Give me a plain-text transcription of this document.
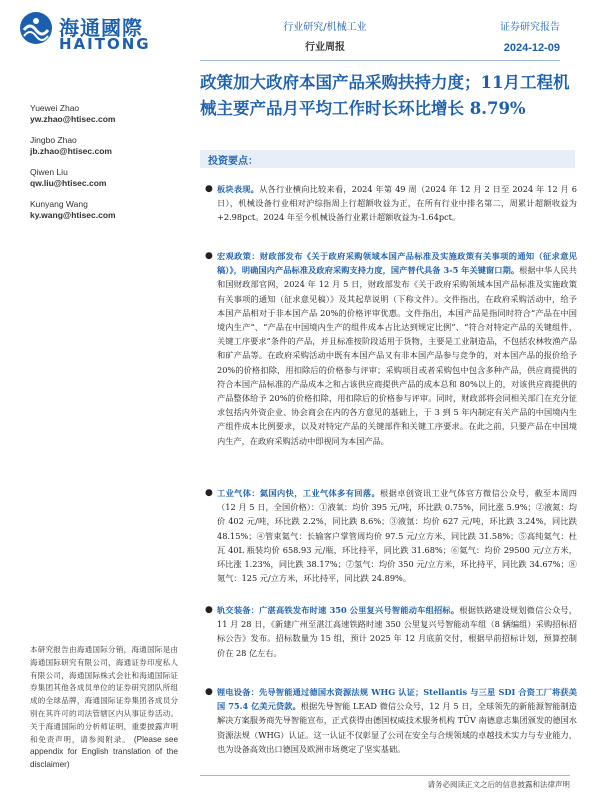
海通國際
HAITONG
行业研究/机械工业
行业周报
证券研究报告
2024-12-09
政策加大政府本国产品采购扶持力度；11月工程机械主要产品月平均工作时长环比增长 8.79%
Yuewei Zhao
yw.zhao@htisec.com
Jingbo Zhao
jb.zhao@htisec.com
Qiwen Liu
qw.liu@htisec.com
Kunyang Wang
ky.wang@htisec.com
投资要点：
● 板块表现。从各行业横向比较来看，2024 年第 49 周（2024 年 12 月 2 日至 2024 年 12 月 6 日），机械设备行业相对沪综指周上行超额收益为正，在所有行业中排名第二，周累计超额收益为+2.98pct。2024 年至今机械设备行业累计超额收益为-1.64pct。
● 宏观政策：财政部发布《关于政府采购领域本国产品标准及实施政策有关事项的通知（征求意见稿）》，明确国内产品标准及政府采购支持力度，国产替代具备 3-5 年关键窗口期。根据中华人民共和国财政部官网，2024 年 12 月 5 日，财政部发布《关于政府采购领域本国产品标准及实施政策有关事项的通知（征求意见稿）》及其起草说明（下称文件）。文件指出，在政府采购活动中，给予本国产品相对于非本国产品 20%的价格评审优惠。文件指出，本国产品是指同时符合“产品在中国境内生产”、“产品在中国境内生产的组件成本占比达到规定比例”、“符合对特定产品的关键组件、关键工序要求”条件的产品，并且标准按阶段适用于货物，主要是工业制造品，不包括农林牧渔产品和矿产品等。在政府采购活动中既有本国产品又有非本国产品参与竞争的，对本国产品的报价给予 20%的价格扣除，用扣除后的价格参与评审；采购项目或者采购包中包含多种产品，供应商提供的符合本国产品标准的产品成本之和占该供应商提供产品的成本总和 80%以上的，对该供应商提供的产品整体给予 20%的价格扣除，用扣除后的价格参与评审。同时，财政部将会同相关部门在充分征求包括内外资企业、协会商会在内的各方意见的基础上，于 3 到 5 年内制定有关产品的中国境内生产组件成本比例要求，以及对特定产品的关键部件和关键工序要求。在此之前，只要产品在中国境内生产，在政府采购活动中即视同为本国产品。
● 工业气体：氦国内快，工业气体多有回落。根据卓创资讯工业气体官方微信公众号，截至本周四（12 月 5 日，全国价格）：①液氧：均价 395 元/吨，环比跌 0.75%，同比涨 5.9%；②液氮：均价 402 元/吨，环比跌 2.2%，同比跌 8.6%；③液氩：均价 627 元/吨，环比跌 3.24%，同比跌 48.15%；④管束氦气：长输客户掌管周均价 97.5 元/立方米，同比跌 31.58%；⑤高纯氦气：杜瓦 40L 瓶装均价 658.93 元/瓶，环比持平，同比跌 31.68%；⑥氦气：均价 29500 元/立方米，环比涨 1.23%，同比跌 38.17%；⑦氢气：均价 350 元/立方米，环比持平，同比跌 34.67%；⑧氪气：125 元/立方米，环比持平，同比跌 24.89%。
● 轨交装备：广湛高铁发布时速 350 公里复兴号智能动车组招标。根据铁路建设规划微信公众号，11 月 28 日，《新建广州至湛江高速铁路时速 350 公里复兴号智能动车组（8 辆编组）采购招标招标公告》发布。招标数量为 15 组，预计 2025 年 12 月底前交付，根据早前招标计划，预算控制价在 28 亿左右。
● 锂电设备：先导智能通过德国水资源法规 WHG 认证；Stellantis 与三星 SDI 合资工厂将获美国 75.4 亿美元贷款。根据先导智能 LEAD 微信公众号，12 月 5 日，全球领先的新能源智能制造解决方案服务商先导智能宣布，正式获得由德国权威技术服务机构 TÜV 南德意志集团颁发的德国水资源法规（WHG）认证。这一认证不仅彰显了公司在安全与合规领域的卓越技术实力与专业能力，也为设备高效出口德国及欧洲市场奠定了坚实基础。
本研究报告由海通国际分销，海通国际是由海通国际研究有限公司，海通证券印度私人有限公司，海通国际株式会社和海通国际证券集团其他各成员单位的证券研究团队所组成的全球品牌，海通国际证券集团各成员分别在其许可的司法管辖区内从事证券活动。关于海通国际的分析师证明，重要披露声明和免责声明，请参阅附录。 (Please see appendix for English translation of the disclaimer)
请务必阅读正文之后的信息披露和法律声明
